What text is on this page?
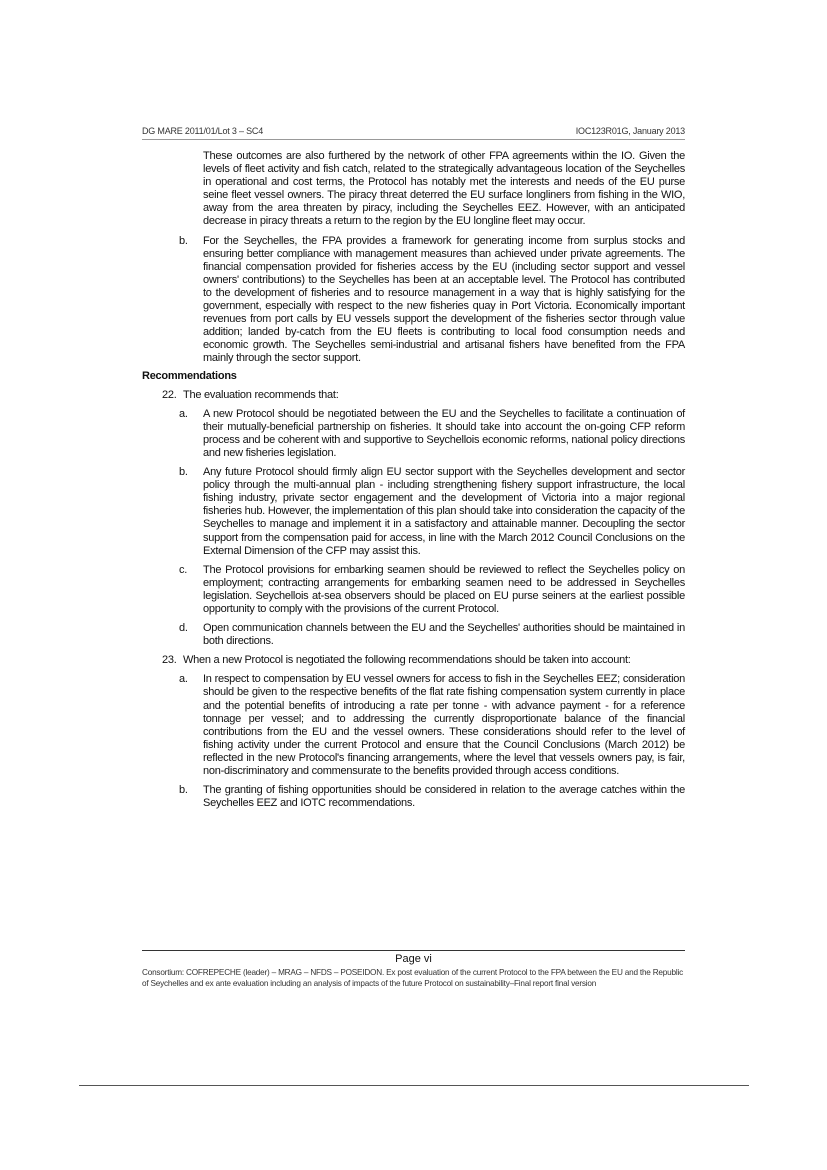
DG MARE 2011/01/Lot 3 – SC4	IOC123R01G, January 2013

These outcomes are also furthered by the network of other FPA agreements within the IO. Given the levels of fleet activity and fish catch, related to the strategically advantageous location of the Seychelles in operational and cost terms, the Protocol has notably met the interests and needs of the EU purse seine fleet vessel owners. The piracy threat deterred the EU surface longliners from fishing in the WIO, away from the area threaten by piracy, including the Seychelles EEZ. However, with an anticipated decrease in piracy threats a return to the region by the EU longline fleet may occur.

b.	For the Seychelles, the FPA provides a framework for generating income from surplus stocks and ensuring better compliance with management measures than achieved under private agreements. The financial compensation provided for fisheries access by the EU (including sector support and vessel owners' contributions) to the Seychelles has been at an acceptable level. The Protocol has contributed to the development of fisheries and to resource management in a way that is highly satisfying for the government, especially with respect to the new fisheries quay in Port Victoria. Economically important revenues from port calls by EU vessels support the development of the fisheries sector through value addition; landed by-catch from the EU fleets is contributing to local food consumption needs and economic growth. The Seychelles semi-industrial and artisanal fishers have benefited from the FPA mainly through the sector support.

Recommendations
22. The evaluation recommends that:
a.	A new Protocol should be negotiated between the EU and the Seychelles to facilitate a continuation of their mutually-beneficial partnership on fisheries. It should take into account the on-going CFP reform process and be coherent with and supportive to Seychellois economic reforms, national policy directions and new fisheries legislation.

b.	Any future Protocol should firmly align EU sector support with the Seychelles development and sector policy through the multi-annual plan - including strengthening fishery support infrastructure, the local fishing industry, private sector engagement and the development of Victoria into a major regional fisheries hub. However, the implementation of this plan should take into consideration the capacity of the Seychelles to manage and implement it in a satisfactory and attainable manner. Decoupling the sector support from the compensation paid for access, in line with the March 2012 Council Conclusions on the External Dimension of the CFP may assist this.

c.	The Protocol provisions for embarking seamen should be reviewed to reflect the Seychelles policy on employment; contracting arrangements for embarking seamen need to be addressed in Seychelles legislation. Seychellois at-sea observers should be placed on EU purse seiners at the earliest possible opportunity to comply with the provisions of the current Protocol.

d.	Open communication channels between the EU and the Seychelles' authorities should be maintained in both directions.

23. When a new Protocol is negotiated the following recommendations should be taken into account:
a.	In respect to compensation by EU vessel owners for access to fish in the Seychelles EEZ; consideration should be given to the respective benefits of the flat rate fishing compensation system currently in place and the potential benefits of introducing a rate per tonne - with advance payment - for a reference tonnage per vessel; and to addressing the currently disproportionate balance of the financial contributions from the EU and the vessel owners. These considerations should refer to the level of fishing activity under the current Protocol and ensure that the Council Conclusions (March 2012) be reflected in the new Protocol's financing arrangements, where the level that vessels owners pay, is fair, non-discriminatory and commensurate to the benefits provided through access conditions.

b.	The granting of fishing opportunities should be considered in relation to the average catches within the Seychelles EEZ and IOTC recommendations.

Page vi
Consortium: COFREPECHE (leader) – MRAG – NFDS – POSEIDON. Ex post evaluation of the current Protocol to the FPA between the EU and the Republic of Seychelles and ex ante evaluation including an analysis of impacts of the future Protocol on sustainability–Final report final version
